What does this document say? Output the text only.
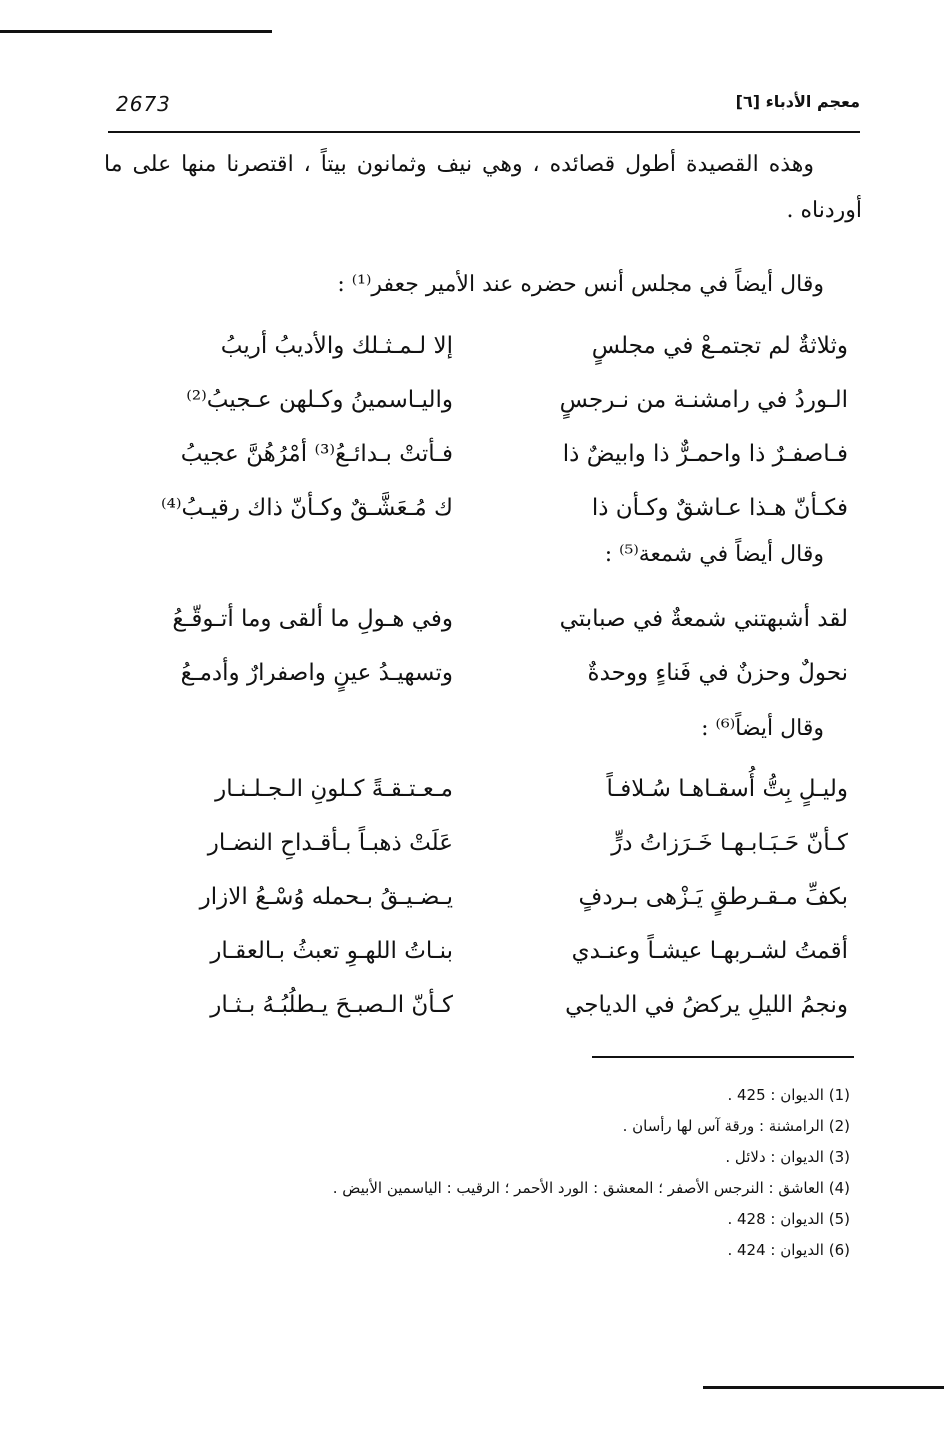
2673	معجم الأدباء [٦]

وهذه القصيدة أطول قصائده ، وهي نيف وثمانون بيتاً ، اقتصرنا منها على ما أوردناه .

وقال أيضاً في مجلس أنس حضره عند الأمير جعفر⁽¹⁾ :
وثلاثةٌ لم تجتمـعْ في مجلسٍ
إلا لـمـثـلك والأديبُ أريبُ
الـوردُ في رامشنـة من نـرجسٍ
واليـاسمينُ وكـلهن عـجيبُ⁽²⁾
فـاصفـرٌ ذا واحمـرٌّ ذا وابيضٌ ذا
فـأتتْ بـدائـعُ⁽³⁾ أمْرُهُنَّ عجيبُ
فكـأنّ هـذا عـاشقٌ وكـأن ذا
ك مُـعَشَّـقٌ وكـأنّ ذاك رقيـبُ⁽⁴⁾
وقال أيضاً في شمعة⁽⁵⁾ :
لقد أشبهتني شمعةٌ في صبابتي
وفي هـولِ ما ألقى وما أتـوقّـعُ
نحولٌ وحزنٌ في فَناءٍ ووحدةٌ
وتسهيـدُ عينٍ واصفرارٌ وأدمـعُ
وقال أيضاً⁽⁶⁾ :
وليـلٍ بِتُّ أُسقـاهـا سُـلافـاً
مـعـتـقـةً كـلونِ الـجـلـنـار
كـأنّ حَـبَـابـهـا خَـرَزاتُ درٍّ
عَلَتْ ذهبـاً بـأقـداحِ النضـار
بكفِّ مـقـرطقٍ يَـزْهى بـردفٍ
يـضـيـقُ بـحمله وُسْـعُ الازار
أقمتُ لشـربهـا عيشـاً وعنـدي
بنـاتُ اللهـوِ تعبثُ بـالعقـار
ونجمُ الليلِ يركضُ في الدياجي
كـأنّ الـصبـحَ يـطلُبُـهُ بـثـار
(1) الديوان : 425 .
(2) الرامشنة : ورقة آس لها رأسان .
(3) الديوان : دلائل .
(4) العاشق : النرجس الأصفر ؛ المعشق : الورد الأحمر ؛ الرقيب : الياسمين الأبيض .
(5) الديوان : 428 .
(6) الديوان : 424 .
